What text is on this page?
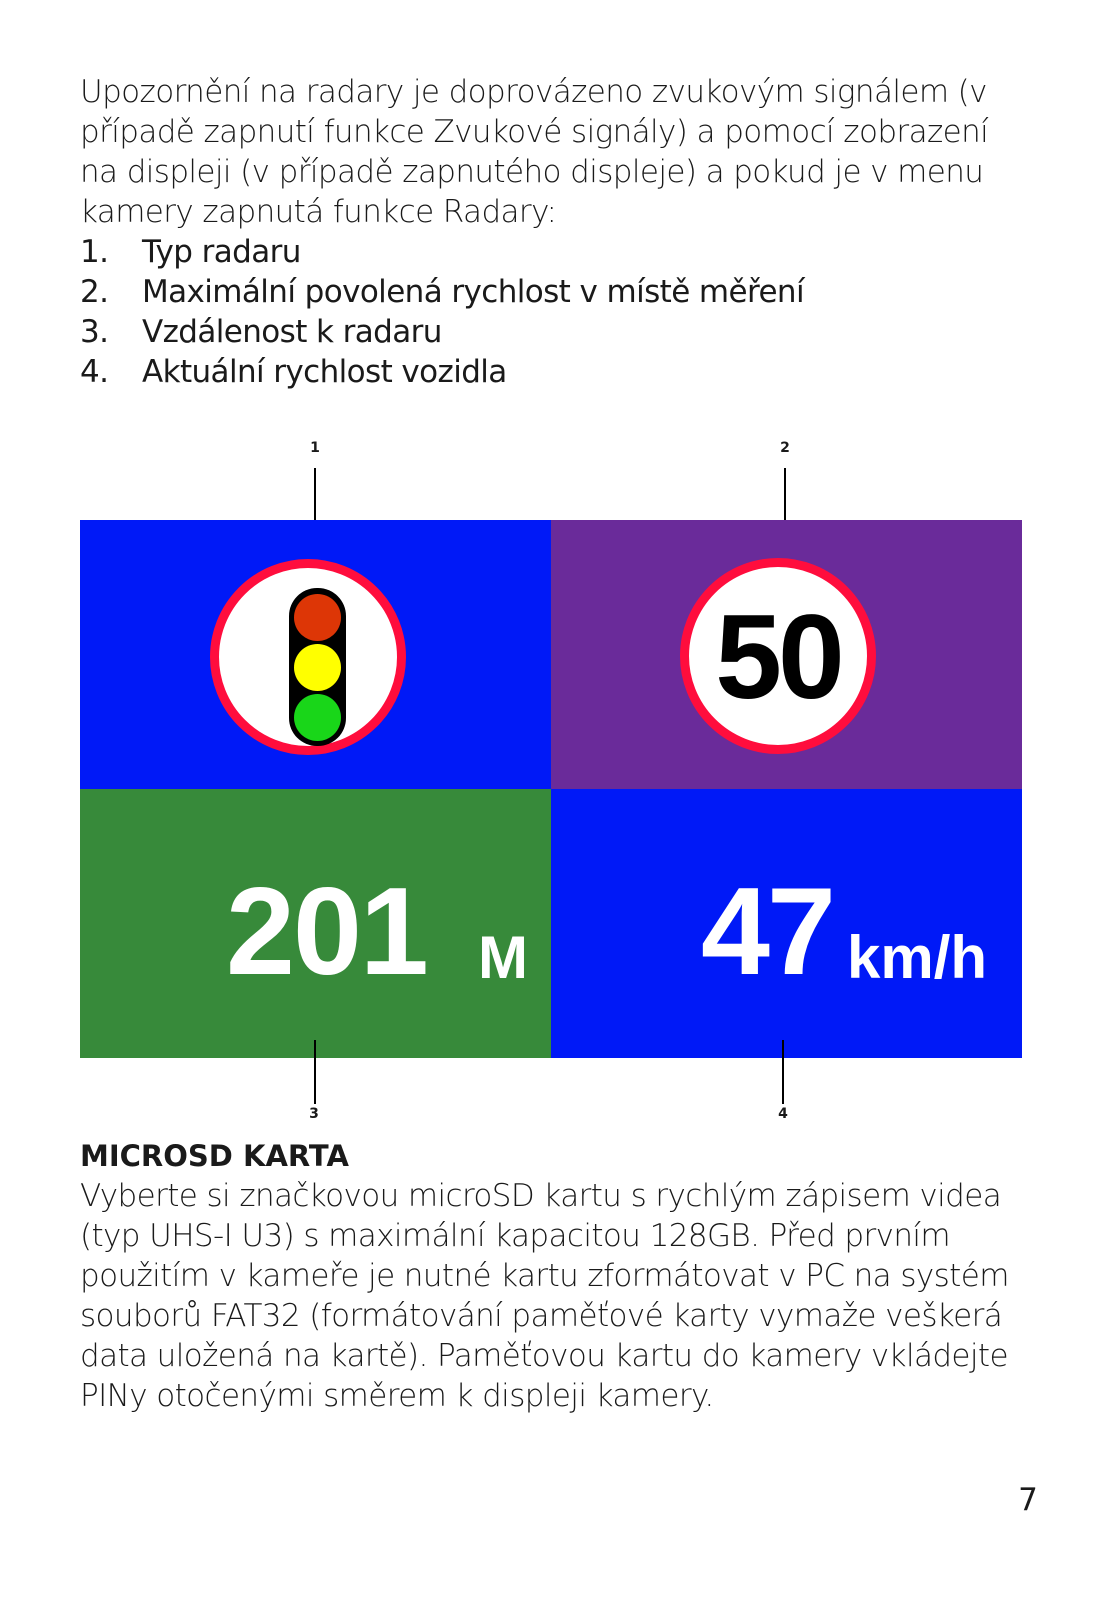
Upozornění na radary je doprovázeno zvukovým signálem (v
případě zapnutí funkce Zvukové signály) a pomocí zobrazení
na displeji (v případě zapnutého displeje) a pokud je v menu
kamery zapnutá funkce Radary:
1.	Typ radaru
2.	Maximální povolená rychlost v místě měření
3.	Vzdálenost k radaru
4.	Aktuální rychlost vozidla
1	2
50
201 M 47 km/h
3	4
MICROSD KARTA
Vyberte si značkovou microSD kartu s rychlým zápisem videa
(typ UHS-I U3) s maximální kapacitou 128GB. Před prvním
použitím v kameře je nutné kartu zformátovat v PC na systém
souborů FAT32 (formátování paměťové karty vymaže veškerá
data uložená na kartě). Paměťovou kartu do kamery vkládejte
PINy otočenými směrem k displeji kamery.
7
